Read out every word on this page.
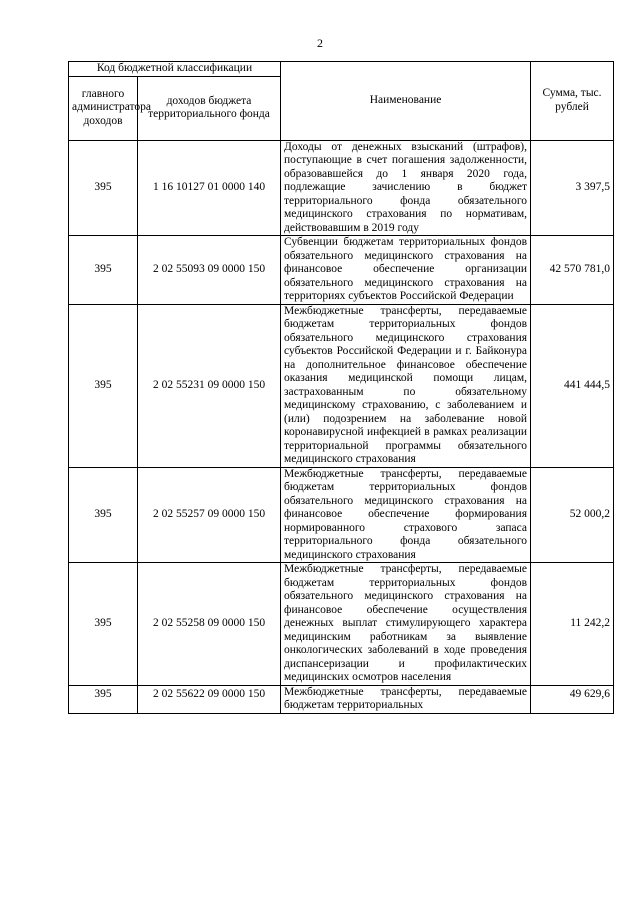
2
Код бюджетной классификации		Наименование	Сумма, тыс. рублей
главного администратора доходов	доходов бюджета территориального фонда		
395	1 16 10127 01 0000 140	Доходы от денежных взысканий (штрафов), поступающие в счет погашения задолженности, образовавшейся до 1 января 2020 года, подлежащие зачислению в бюджет территориального фонда обязательного медицинского страхования по нормативам, действовавшим в 2019 году	3 397,5
395	2 02 55093 09 0000 150	Субвенции бюджетам территориальных фондов обязательного медицинского страхования на финансовое обеспечение организации обязательного медицинского страхования на территориях субъектов Российской Федерации	42 570 781,0
395	2 02 55231 09 0000 150	Межбюджетные трансферты, передаваемые бюджетам территориальных фондов обязательного медицинского страхования субъектов Российской Федерации и г. Байконура на дополнительное финансовое обеспечение оказания медицинской помощи лицам, застрахованным по обязательному медицинскому страхованию, с заболеванием и (или) подозрением на заболевание новой коронавирусной инфекцией в рамках реализации территориальной программы обязательного медицинского страхования	441 444,5
395	2 02 55257 09 0000 150	Межбюджетные трансферты, передаваемые бюджетам территориальных фондов обязательного медицинского страхования на финансовое обеспечение формирования нормированного страхового запаса территориального фонда обязательного медицинского страхования	52 000,2
395	2 02 55258 09 0000 150	Межбюджетные трансферты, передаваемые бюджетам территориальных фондов обязательного медицинского страхования на финансовое обеспечение осуществления денежных выплат стимулирующего характера медицинским работникам за выявление онкологических заболеваний в ходе проведения диспансеризации и профилактических медицинских осмотров населения	11 242,2
395	2 02 55622 09 0000 150	Межбюджетные трансферты, передаваемые бюджетам территориальных	49 629,6
